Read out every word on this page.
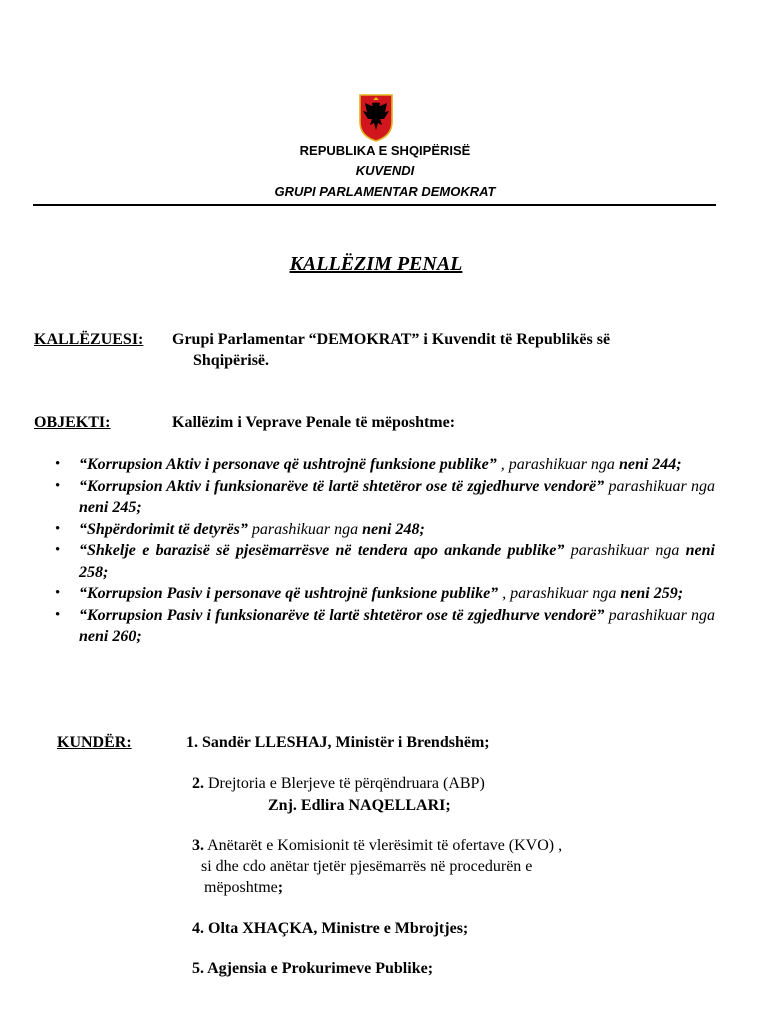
REPUBLIKA E SHQIPËRISË
KUVENDI
GRUPI PARLAMENTAR DEMOKRAT
KALLËZIM PENAL
KALLËZUESI: Grupi Parlamentar “DEMOKRAT” i Kuvendit të Republikës së
Shqipërisë.
OBJEKTI:	Kallëzim i Veprave Penale të mëposhtme:
• “Korrupsion Aktiv i personave që ushtrojnë funksione publike” , parashikuar nga neni 244;
• “Korrupsion Aktiv i funksionarëve të lartë shtetëror ose të zgjedhurve vendorë” parashikuar nga neni 245;
• “Shpërdorimit të detyrës” parashikuar nga neni 248;
• “Shkelje e barazisë së pjesëmarrësve në tendera apo ankande publike” parashikuar nga neni 258;
• “Korrupsion Pasiv i personave që ushtrojnë funksione publike” , parashikuar nga neni 259;
• “Korrupsion Pasiv i funksionarëve të lartë shtetëror ose të zgjedhurve vendorë” parashikuar nga neni 260;
KUNDËR:	1. Sandër LLESHAJ, Ministër i Brendshëm;
2. Drejtoria e Blerjeve të përqëndruara (ABP)
Znj. Edlira NAQELLARI;
3. Anëtarët e Komisionit të vlerësimit të ofertave (KVO) ,
si dhe cdo anëtar tjetër pjesëmarrës në procedurën e
mëposhtme;
4. Olta XHAÇKA, Ministre e Mbrojtjes;
5. Agjensia e Prokurimeve Publike;
